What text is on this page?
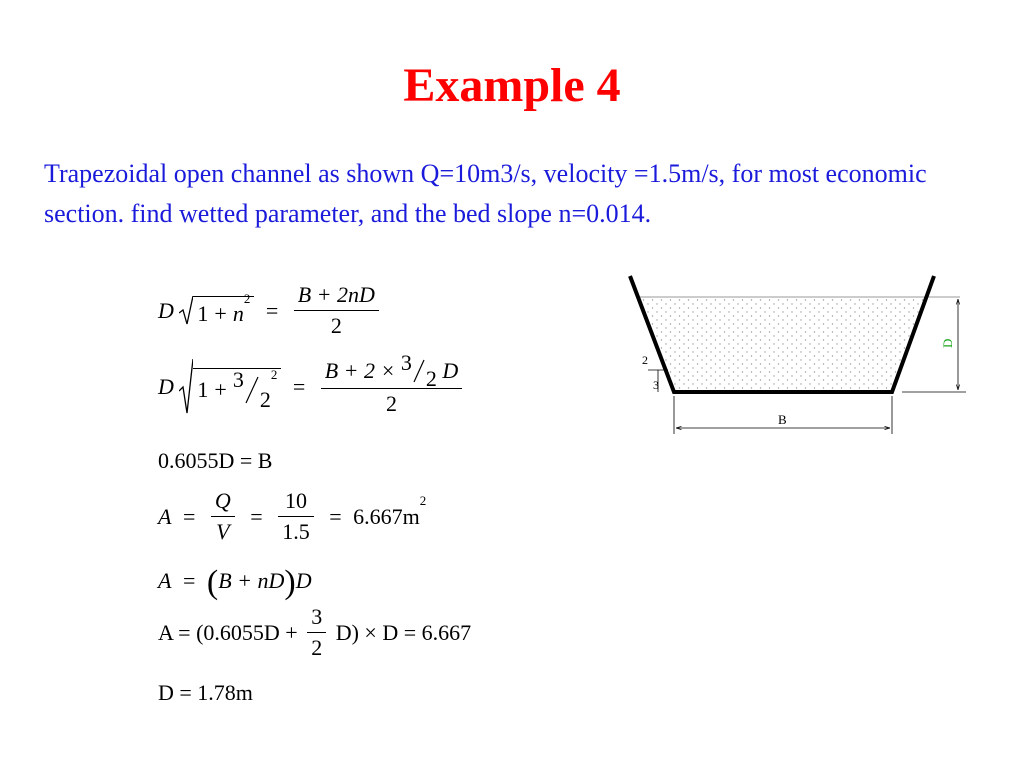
Example 4
Trapezoidal open channel as shown Q=10m3/s, velocity =1.5m/s, for most economic section. find wetted parameter, and the bed slope n=0.014.
D $1 + n2 = \frac{B + 2nD}{2}$
D $1 + 322 = \frac{B + 2 \times 32 D}{2}$
0.6055D = B
$A = \frac{Q}{V} = \frac{10}{1.5} = 6.667m2$
A = (B + nD)D
$A = (0.6055D + \frac{3}{2} D) \times D = 6.667$
D = 1.78m
2
3
D
B
